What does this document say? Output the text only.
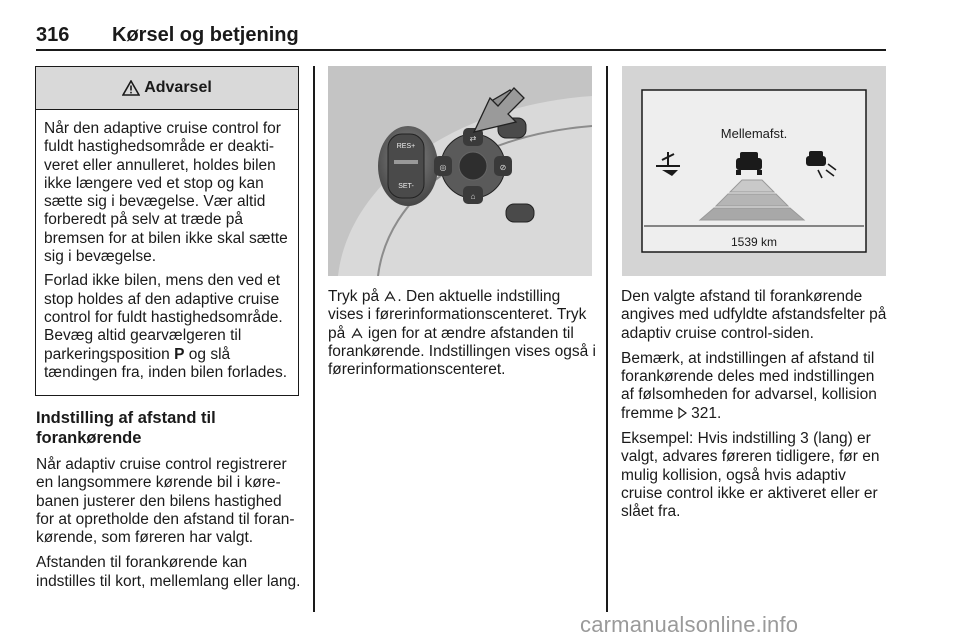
316 Kørsel og betjening
Advarsel

Når den adaptive cruise control for fuldt hastighedsområde er deaktiveret eller annulleret, holdes bilen ikke længere ved et stop og kan sætte sig i bevægelse. Vær altid forberedt på selv at træde på bremsen for at bilen ikke skal sætte sig i bevægelse.

Forlad ikke bilen, mens den ved et stop holdes af den adaptive cruise control for fuldt hastighedsområde. Bevæg altid gearvælgeren til parkeringsposition P og slå tændingen fra, inden bilen forlades.

Indstilling af afstand til forankørende

Når adaptiv cruise control registrerer en langsommere kørende bil i kørebanen justerer den bilens hastighed for at opretholde den afstand til forankørende, som føreren har valgt.

Afstanden til forankørende kan indstilles til kort, mellemlang eller lang.

RES+
SET-
⇄
◎	⊘
⌂

Tryk på . Den aktuelle indstilling vises i førerinformationscenteret. Tryk på igen for at ændre afstanden til forankørende. Indstillingen vises også i førerinformationscenteret.

Mellemafst.
1539 km

Den valgte afstand til forankørende angives med udfyldte afstandsfelter på adaptiv cruise control-siden.

Bemærk, at indstillingen af afstand til forankørende deles med indstillingen af følsomheden for advarsel, kollision fremme 321.

Eksempel: Hvis indstilling 3 (lang) er valgt, advares føreren tidligere, før en mulig kollision, også hvis adaptiv cruise control ikke er aktiveret eller er slået fra.

carmanualsonline.info
